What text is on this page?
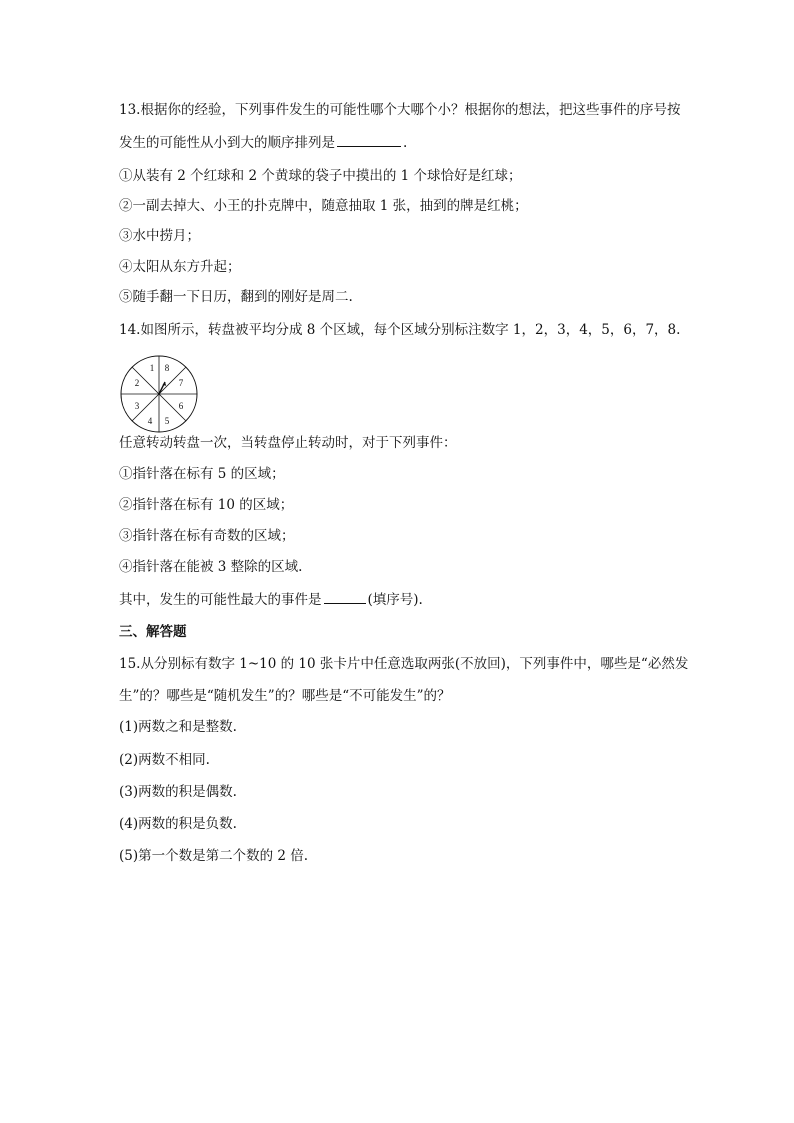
13.根据你的经验，下列事件发生的可能性哪个大哪个小？根据你的想法，把这些事件的序号按
发生的可能性从小到大的顺序排列是	.
①从装有 2 个红球和 2 个黄球的袋子中摸出的 1 个球恰好是红球；
②一副去掉大、小王的扑克牌中，随意抽取 1 张，抽到的牌是红桃；
③水中捞月；
④太阳从东方升起；
⑤随手翻一下日历，翻到的刚好是周二.
14.如图所示，转盘被平均分成 8 个区域，每个区域分别标注数字 1，2，3，4，5，6，7，8.
1 8
7
6
5
4
3
2
任意转动转盘一次，当转盘停止转动时，对于下列事件：
①指针落在标有 5 的区域；
②指针落在标有 10 的区域；
③指针落在标有奇数的区域；
④指针落在能被 3 整除的区域.
其中，发生的可能性最大的事件是	(填序号).
三、解答题
15.从分别标有数字 1~10 的 10 张卡片中任意选取两张(不放回)，下列事件中，哪些是“必然发
生”的？哪些是“随机发生”的？哪些是“不可能发生”的？
(1)两数之和是整数.
(2)两数不相同.
(3)两数的积是偶数.
(4)两数的积是负数.
(5)第一个数是第二个数的 2 倍.
